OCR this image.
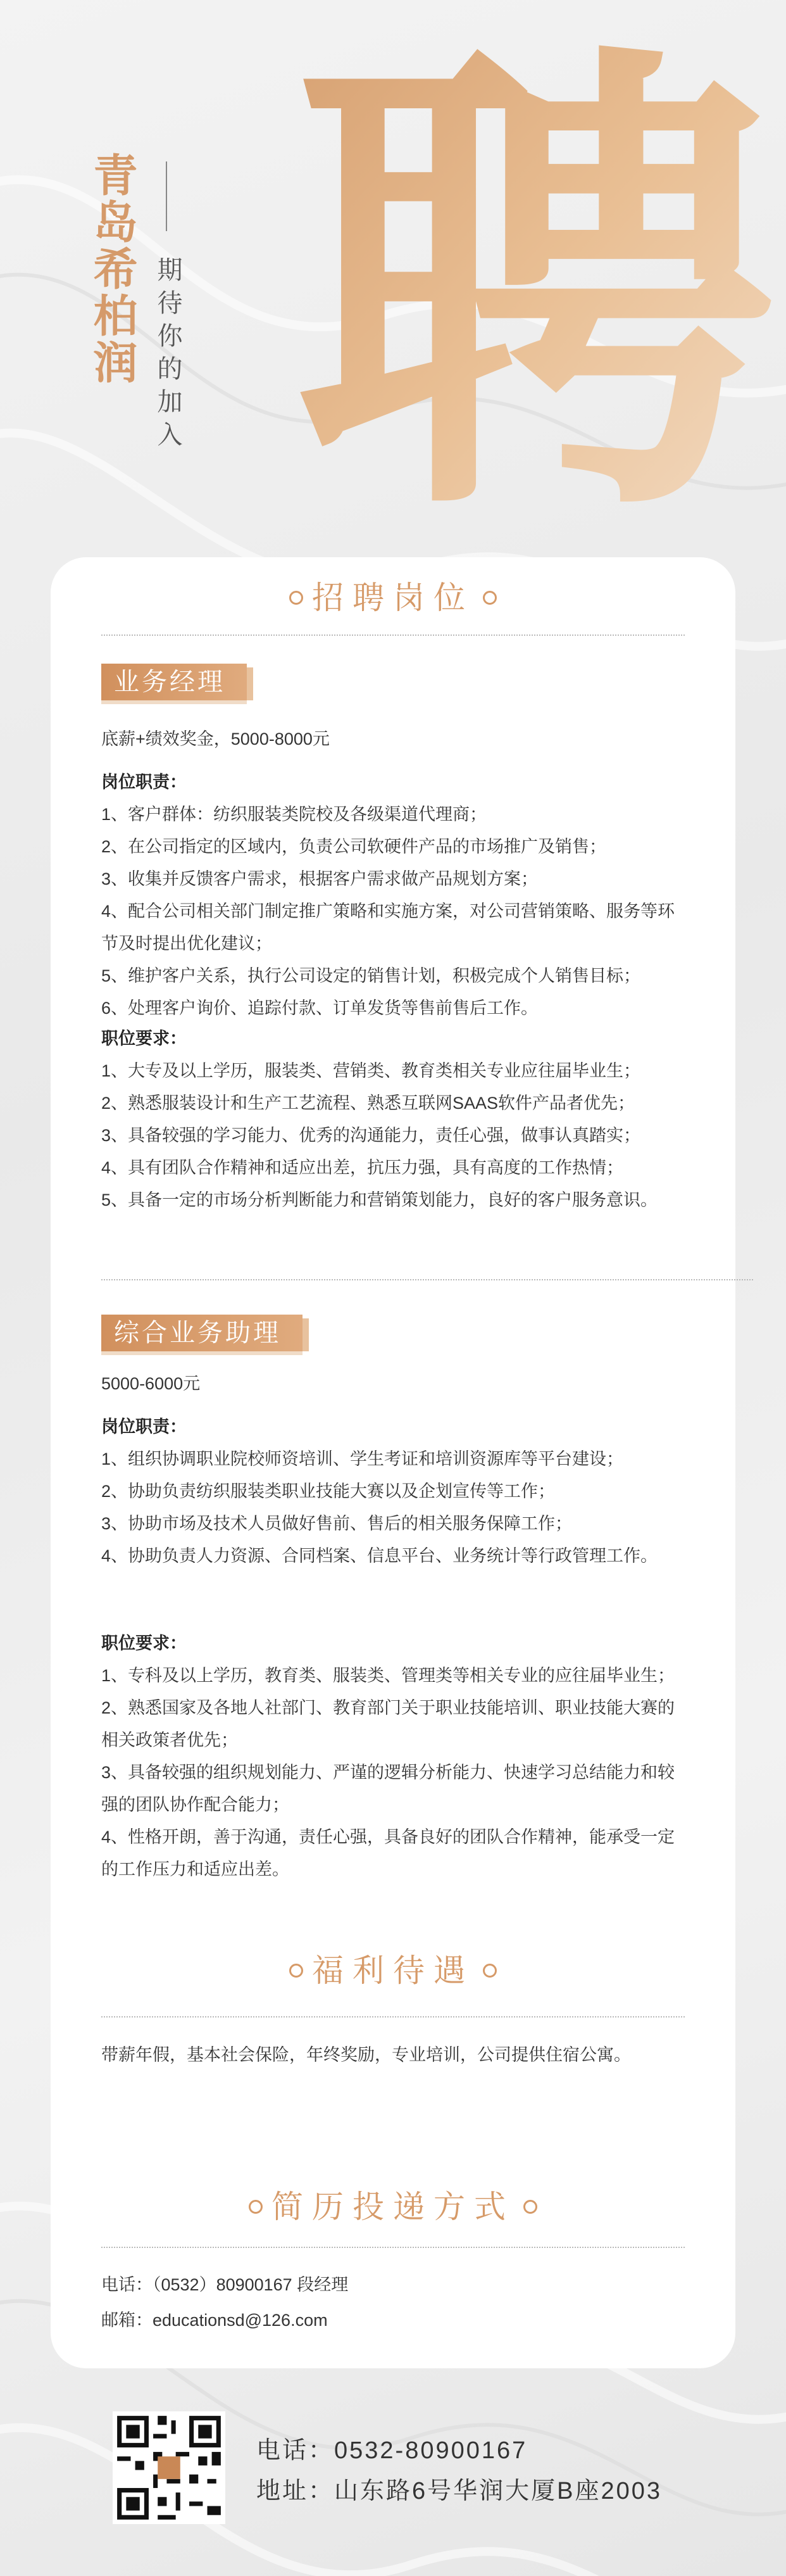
青岛希柏润 期待你的加入 聘
招聘岗位
业务经理
底薪+绩效奖金，5000-8000元
岗位职责：
1、客户群体：纺织服装类院校及各级渠道代理商；
2、在公司指定的区域内，负责公司软硬件产品的市场推广及销售；
3、收集并反馈客户需求，根据客户需求做产品规划方案；
4、配合公司相关部门制定推广策略和实施方案，对公司营销策略、服务等环节及时提出优化建议；
5、维护客户关系，执行公司设定的销售计划，积极完成个人销售目标；
6、处理客户询价、追踪付款、订单发货等售前售后工作。
职位要求：
1、大专及以上学历，服装类、营销类、教育类相关专业应往届毕业生；
2、熟悉服装设计和生产工艺流程、熟悉互联网SAAS软件产品者优先；
3、具备较强的学习能力、优秀的沟通能力，责任心强，做事认真踏实；
4、具有团队合作精神和适应出差，抗压力强，具有高度的工作热情；
5、具备一定的市场分析判断能力和营销策划能力，良好的客户服务意识。
综合业务助理
5000-6000元
岗位职责：
1、组织协调职业院校师资培训、学生考证和培训资源库等平台建设；
2、协助负责纺织服装类职业技能大赛以及企划宣传等工作；
3、协助市场及技术人员做好售前、售后的相关服务保障工作；
4、协助负责人力资源、合同档案、信息平台、业务统计等行政管理工作。
职位要求：
1、专科及以上学历，教育类、服装类、管理类等相关专业的应往届毕业生；
2、熟悉国家及各地人社部门、教育部门关于职业技能培训、职业技能大赛的相关政策者优先；
3、具备较强的组织规划能力、严谨的逻辑分析能力、快速学习总结能力和较强的团队协作配合能力；
4、性格开朗，善于沟通，责任心强，具备良好的团队合作精神，能承受一定的工作压力和适应出差。
福利待遇
带薪年假，基本社会保险，年终奖励，专业培训，公司提供住宿公寓。
简历投递方式
电话：（0532）80900167 段经理
邮箱：educationsd@126.com
电话：0532-80900167
地址：山东路6号华润大厦B座2003
